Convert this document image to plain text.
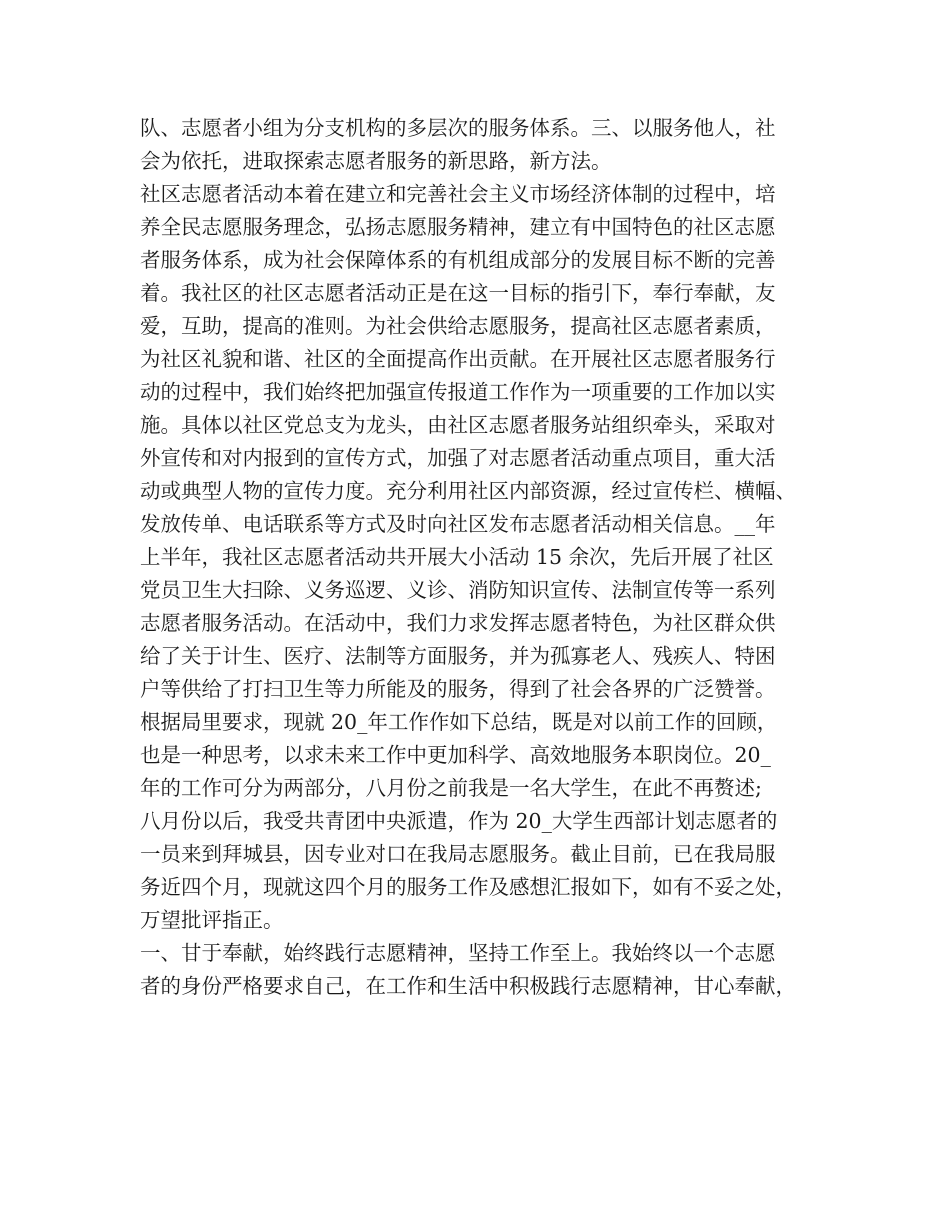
队、志愿者小组为分支机构的多层次的服务体系。三、以服务他人，社
会为依托，进取探索志愿者服务的新思路，新方法。
社区志愿者活动本着在建立和完善社会主义市场经济体制的过程中，培
养全民志愿服务理念，弘扬志愿服务精神，建立有中国特色的社区志愿
者服务体系，成为社会保障体系的有机组成部分的发展目标不断的完善
着。我社区的社区志愿者活动正是在这一目标的指引下，奉行奉献，友
爱，互助，提高的准则。为社会供给志愿服务，提高社区志愿者素质，
为社区礼貌和谐、社区的全面提高作出贡献。在开展社区志愿者服务行
动的过程中，我们始终把加强宣传报道工作作为一项重要的工作加以实
施。具体以社区党总支为龙头，由社区志愿者服务站组织牵头，采取对
外宣传和对内报到的宣传方式，加强了对志愿者活动重点项目，重大活
动或典型人物的宣传力度。充分利用社区内部资源，经过宣传栏、横幅、
发放传单、电话联系等方式及时向社区发布志愿者活动相关信息。__年
上半年，我社区志愿者活动共开展大小活动 15 余次，先后开展了社区
党员卫生大扫除、义务巡逻、义诊、消防知识宣传、法制宣传等一系列
志愿者服务活动。在活动中，我们力求发挥志愿者特色，为社区群众供
给了关于计生、医疗、法制等方面服务，并为孤寡老人、残疾人、特困
户等供给了打扫卫生等力所能及的服务，得到了社会各界的广泛赞誉。
根据局里要求，现就 20_年工作作如下总结，既是对以前工作的回顾，
也是一种思考，以求未来工作中更加科学、高效地服务本职岗位。20_
年的工作可分为两部分，八月份之前我是一名大学生，在此不再赘述;
八月份以后，我受共青团中央派遣，作为 20_大学生西部计划志愿者的
一员来到拜城县，因专业对口在我局志愿服务。截止目前，已在我局服
务近四个月，现就这四个月的服务工作及感想汇报如下，如有不妥之处，
万望批评指正。
一、甘于奉献，始终践行志愿精神，坚持工作至上。我始终以一个志愿
者的身份严格要求自己，在工作和生活中积极践行志愿精神，甘心奉献，
